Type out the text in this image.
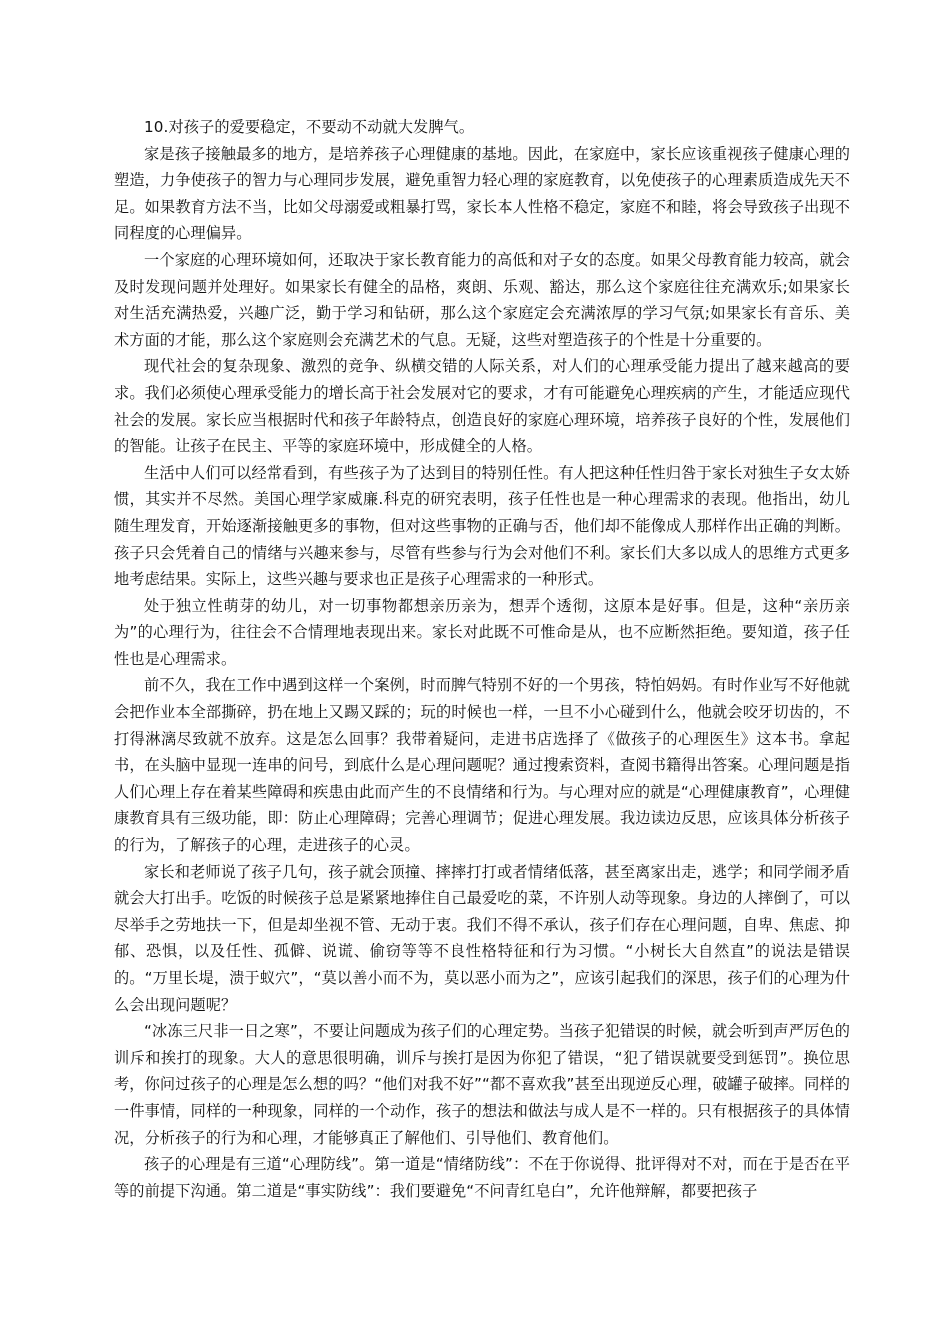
10.对孩子的爱要稳定，不要动不动就大发脾气。

家是孩子接触最多的地方，是培养孩子心理健康的基地。因此，在家庭中，家长应该重视孩子健康心理的塑造，力争使孩子的智力与心理同步发展，避免重智力轻心理的家庭教育，以免使孩子的心理素质造成先天不足。如果教育方法不当，比如父母溺爱或粗暴打骂，家长本人性格不稳定，家庭不和睦，将会导致孩子出现不同程度的心理偏异。

一个家庭的心理环境如何，还取决于家长教育能力的高低和对子女的态度。如果父母教育能力较高，就会及时发现问题并处理好。如果家长有健全的品格，爽朗、乐观、豁达，那么这个家庭往往充满欢乐;如果家长对生活充满热爱，兴趣广泛，勤于学习和钻研，那么这个家庭定会充满浓厚的学习气氛;如果家长有音乐、美术方面的才能，那么这个家庭则会充满艺术的气息。无疑，这些对塑造孩子的个性是十分重要的。

现代社会的复杂现象、激烈的竞争、纵横交错的人际关系，对人们的心理承受能力提出了越来越高的要求。我们必须使心理承受能力的增长高于社会发展对它的要求，才有可能避免心理疾病的产生，才能适应现代社会的发展。家长应当根据时代和孩子年龄特点，创造良好的家庭心理环境，培养孩子良好的个性，发展他们的智能。让孩子在民主、平等的家庭环境中，形成健全的人格。

生活中人们可以经常看到，有些孩子为了达到目的特别任性。有人把这种任性归咎于家长对独生子女太娇惯，其实并不尽然。美国心理学家威廉.科克的研究表明，孩子任性也是一种心理需求的表现。他指出，幼儿随生理发育，开始逐渐接触更多的事物，但对这些事物的正确与否，他们却不能像成人那样作出正确的判断。孩子只会凭着自己的情绪与兴趣来参与，尽管有些参与行为会对他们不利。家长们大多以成人的思维方式更多地考虑结果。实际上，这些兴趣与要求也正是孩子心理需求的一种形式。

处于独立性萌芽的幼儿，对一切事物都想亲历亲为，想弄个透彻，这原本是好事。但是，这种“亲历亲为”的心理行为，往往会不合情理地表现出来。家长对此既不可惟命是从，也不应断然拒绝。要知道，孩子任性也是心理需求。

前不久，我在工作中遇到这样一个案例，时而脾气特别不好的一个男孩，特怕妈妈。有时作业写不好他就会把作业本全部撕碎，扔在地上又踢又踩的；玩的时候也一样，一旦不小心碰到什么，他就会咬牙切齿的，不打得淋漓尽致就不放弃。这是怎么回事？我带着疑问，走进书店选择了《做孩子的心理医生》这本书。拿起书，在头脑中显现一连串的问号，到底什么是心理问题呢？通过搜索资料，查阅书籍得出答案。心理问题是指人们心理上存在着某些障碍和疾患由此而产生的不良情绪和行为。与心理对应的就是“心理健康教育”，心理健康教育具有三级功能，即：防止心理障碍；完善心理调节；促进心理发展。我边读边反思，应该具体分析孩子的行为，了解孩子的心理，走进孩子的心灵。

家长和老师说了孩子几句，孩子就会顶撞、摔摔打打或者情绪低落，甚至离家出走，逃学；和同学闹矛盾就会大打出手。吃饭的时候孩子总是紧紧地捧住自己最爱吃的菜，不许别人动等现象。身边的人摔倒了，可以尽举手之劳地扶一下，但是却坐视不管、无动于衷。我们不得不承认，孩子们存在心理问题，自卑、焦虑、抑郁、恐惧，以及任性、孤僻、说谎、偷窃等等不良性格特征和行为习惯。“小树长大自然直”的说法是错误的。“万里长堤，溃于蚁穴”，“莫以善小而不为，莫以恶小而为之”，应该引起我们的深思，孩子们的心理为什么会出现问题呢？

“冰冻三尺非一日之寒”，不要让问题成为孩子们的心理定势。当孩子犯错误的时候，就会听到声严厉色的训斥和挨打的现象。大人的意思很明确，训斥与挨打是因为你犯了错误，“犯了错误就要受到惩罚”。换位思考，你问过孩子的心理是怎么想的吗？“他们对我不好”“都不喜欢我”甚至出现逆反心理，破罐子破摔。同样的一件事情，同样的一种现象，同样的一个动作，孩子的想法和做法与成人是不一样的。只有根据孩子的具体情况，分析孩子的行为和心理，才能够真正了解他们、引导他们、教育他们。

孩子的心理是有三道“心理防线”。第一道是“情绪防线”：不在于你说得、批评得对不对，而在于是否在平等的前提下沟通。第二道是“事实防线”：我们要避免“不问青红皂白”，允许他辩解，都要把孩子
